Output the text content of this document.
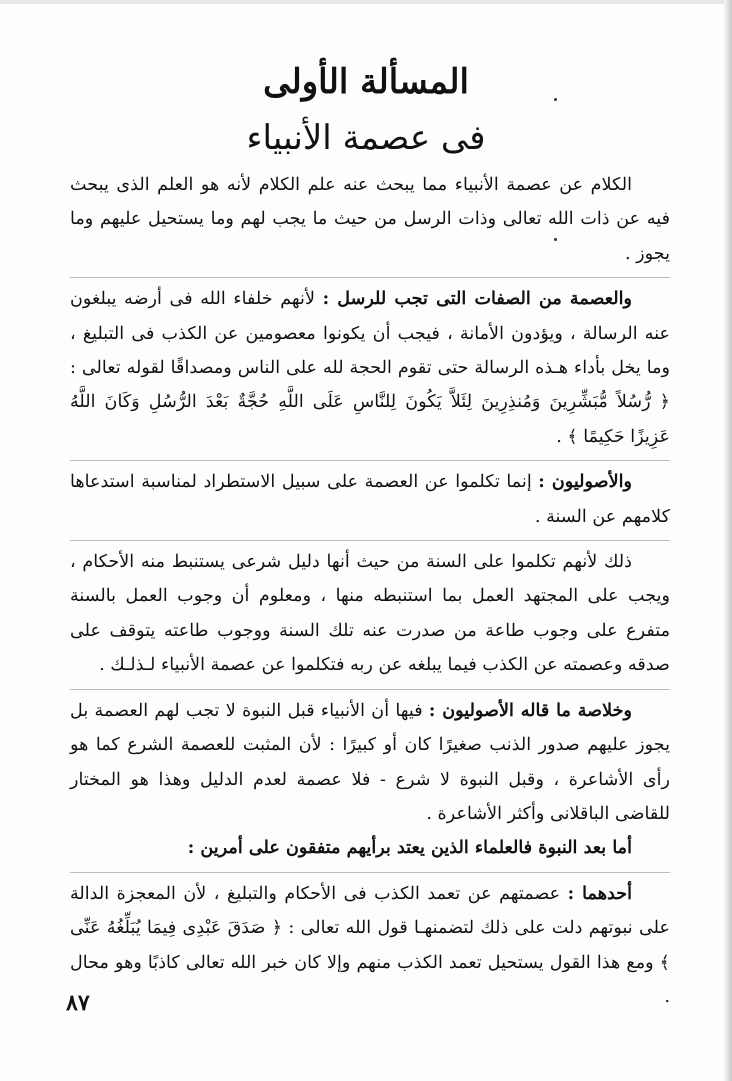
المسألة الأولى
فى عصمة الأنبياء

الكلام عن عصمة الأنبياء مما يبحث عنه علم الكلام لأنه هو العلم الذى يبحث فيه عن ذات الله تعالى وذات الرسل من حيث ما يجب لهم وما يستحيل عليهم وما يجوز .

والعصمة من الصفات التى تجب للرسل : لأنهم خلفاء الله فى أرضه يبلغون عنه الرسالة ، ويؤدون الأمانة ، فيجب أن يكونوا معصومين عن الكذب فى التبليغ ، وما يخل بأداء هـذه الرسالة حتى تقوم الحجة لله على الناس ومصداقًا لقوله تعالى : ﴿ رُّسُلاً مُّبَشِّرِينَ وَمُنذِرِينَ لِئَلاَّ يَكُونَ لِلنَّاسِ عَلَى اللَّهِ حُجَّةٌ بَعْدَ الرُّسُلِ وَكَانَ اللَّهُ عَزِيزًا حَكِيمًا ﴾ .

والأصوليون : إنما تكلموا عن العصمة على سبيل الاستطراد لمناسبة استدعاها كلامهم عن السنة .

ذلك لأنهم تكلموا على السنة من حيث أنها دليل شرعى يستنبط منه الأحكام ، ويجب على المجتهد العمل بما استنبطه منها ، ومعلوم أن وجوب العمل بالسنة متفرع على وجوب طاعة من صدرت عنه تلك السنة ووجوب طاعته يتوقف على صدقه وعصمته عن الكذب فيما يبلغه عن ربه فتكلموا عن عصمة الأنبياء لـذلـك .

وخلاصة ما قاله الأصوليون : فيها أن الأنبياء قبل النبوة لا تجب لهم العصمة بل يجوز عليهم صدور الذنب صغيرًا كان أو كبيرًا : لأن المثبت للعصمة الشرع كما هو رأى الأشاعرة ، وقبل النبوة لا شرع - فلا عصمة لعدم الدليل وهذا هو المختار للقاضى الباقلانى وأكثر الأشاعرة .

أما بعد النبوة فالعلماء الذين يعتد برأيهم متفقون على أمرين :

أحدهما : عصمتهم عن تعمد الكذب فى الأحكام والتبليغ ، لأن المعجزة الدالة على نبوتهم دلت على ذلك لتضمنهـا قول الله تعالى : ﴿ صَدَقَ عَبْدِى فِيمَا يُبَلِّغُهُ عَنِّى ﴾ ومع هذا القول يستحيل تعمد الكذب منهم وإلا كان خبر الله تعالى كاذبًا وهو محال .

٨٧
